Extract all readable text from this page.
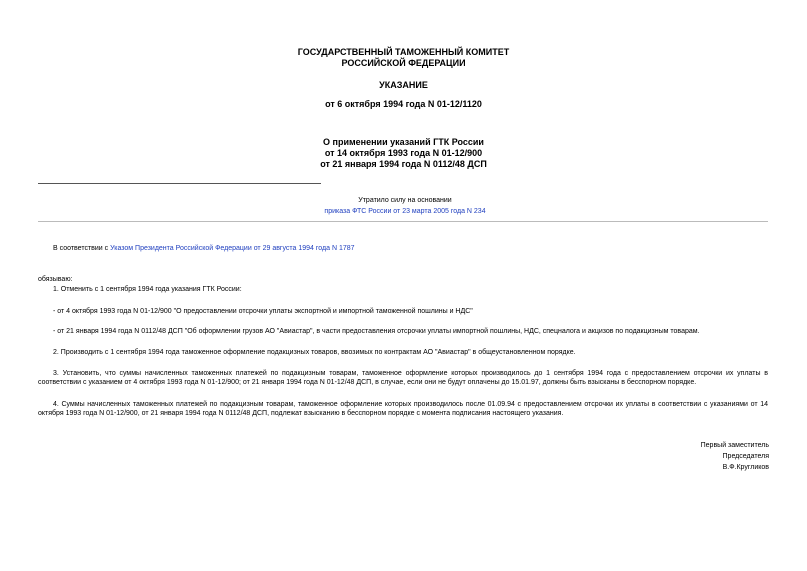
ГОСУДАРСТВЕННЫЙ ТАМОЖЕННЫЙ КОМИТЕТ
РОССИЙСКОЙ ФЕДЕРАЦИИ
УКАЗАНИЕ
от 6 октября 1994 года N 01-12/1120
О применении указаний ГТК России
от 14 октября 1993 года N 01-12/900
от 21 января 1994 года N 0112/48 ДСП
Утратило силу на основании
приказа ФТС России от 23 марта 2005 года N 234
В соответствии с Указом Президента Российской Федерации от 29 августа 1994 года N 1787
обязываю:
1. Отменить с 1 сентября 1994 года указания ГТК России:
- от 4 октября 1993 года N 01-12/900 "О предоставлении отсрочки уплаты экспортной и импортной таможенной пошлины и НДС"
- от 21 января 1994 года N 0112/48 ДСП "Об оформлении грузов АО "Авиастар", в части предоставления отсрочки уплаты импортной пошлины, НДС, спецналога и акцизов по подакцизным товарам.
2. Производить с 1 сентября 1994 года таможенное оформление подакцизных товаров, ввозимых по контрактам АО "Авиастар" в общеустановленном порядке.
3. Установить, что суммы начисленных таможенных платежей по подакцизным товарам, таможенное оформление которых производилось до 1 сентября 1994 года с предоставлением отсрочки их уплаты в соответствии с указанием от 4 октября 1993 года N 01-12/900; от 21 января 1994 года N 01-12/48 ДСП, в случае, если они не будут оплачены до 15.01.97, должны быть взысканы в бесспорном порядке.
4. Суммы начисленных таможенных платежей по подакцизным товарам, таможенное оформление которых производилось после 01.09.94 с предоставлением отсрочки их уплаты в соответствии с указаниями от 14 октября 1993 года N 01-12/900, от 21 января 1994 года N 0112/48 ДСП, подлежат взысканию в бесспорном порядке с момента подписания настоящего указания.
Первый заместитель
Председателя
В.Ф.Кругликов
